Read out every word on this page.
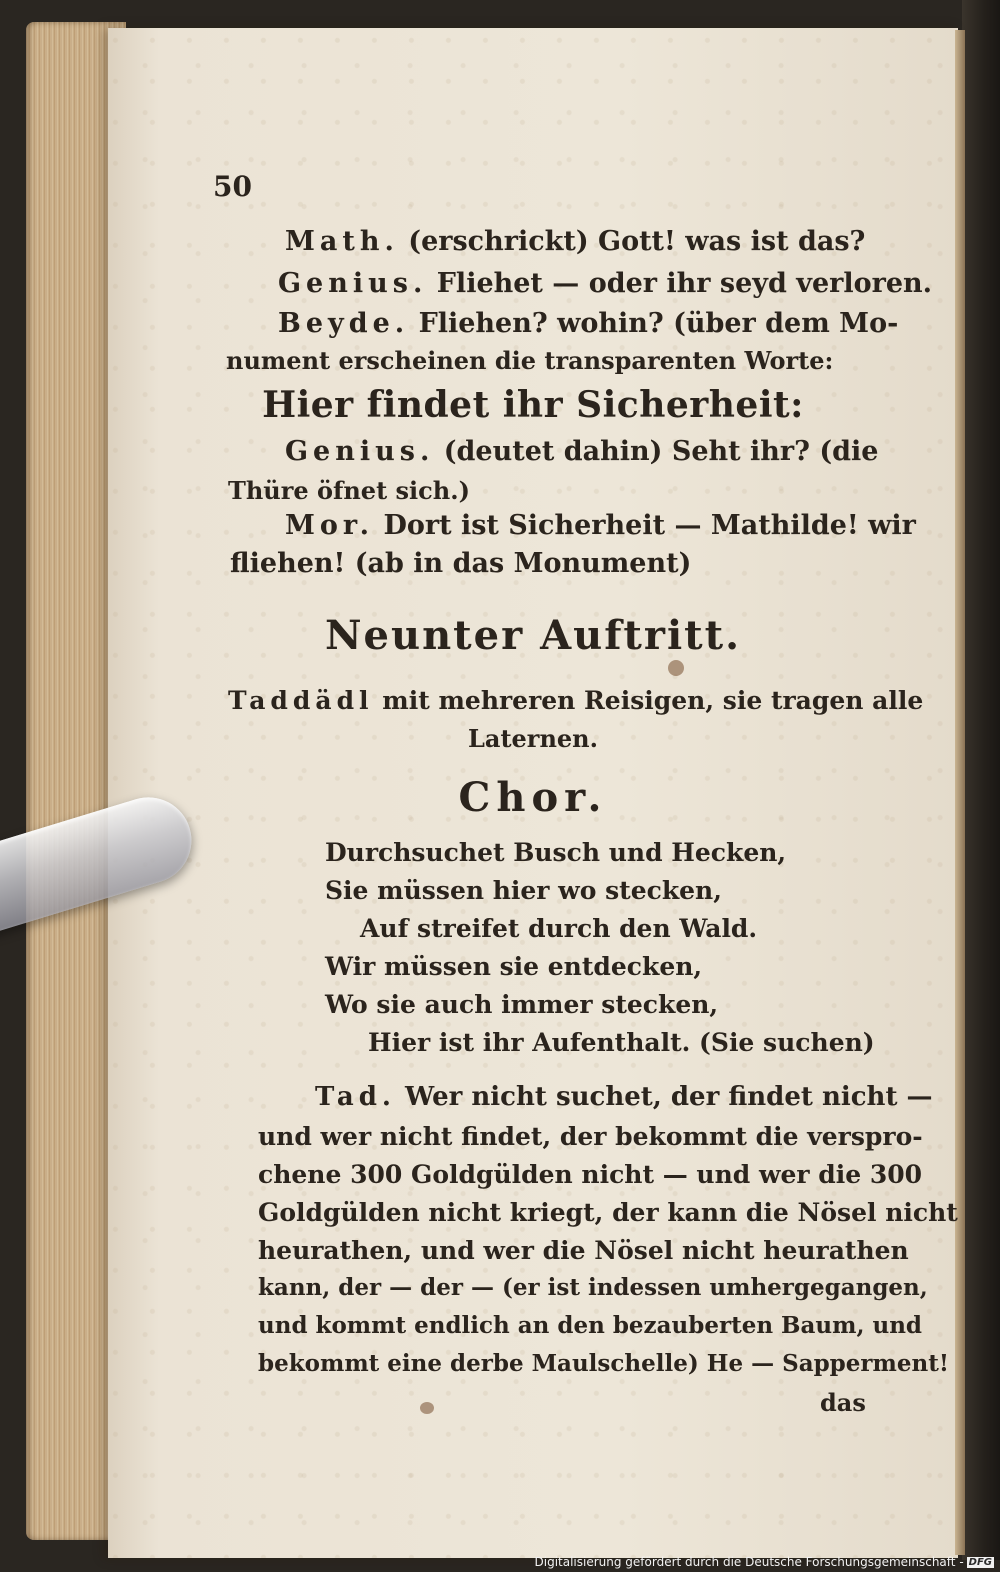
50
Math. (erschrickt) Gott! was ist das?
Genius. Fliehet — oder ihr seyd verloren.
Beyde. Fliehen? wohin? (über dem Mo-
nument erscheinen die transparenten Worte:
Hier findet ihr Sicherheit:
Genius. (deutet dahin) Seht ihr? (die
Thüre öfnet sich.)
Mor. Dort ist Sicherheit — Mathilde! wir
fliehen! (ab in das Monument)
Neunter Auftritt.
Taddädl mit mehreren Reisigen, sie tragen alle
Laternen.
Chor.
Durchsuchet Busch und Hecken,
Sie müssen hier wo stecken,
Auf streifet durch den Wald.
Wir müssen sie entdecken,
Wo sie auch immer stecken,
Hier ist ihr Aufenthalt. (Sie suchen)
Tad. Wer nicht suchet, der findet nicht —
und wer nicht findet, der bekommt die verspro-
chene 300 Goldgülden nicht — und wer die 300
Goldgülden nicht kriegt, der kann die Nösel nicht
heurathen, und wer die Nösel nicht heurathen
kann, der — der — (er ist indessen umhergegangen,
und kommt endlich an den bezauberten Baum, und
bekommt eine derbe Maulschelle) He — Sapperment!
das
Digitalisierung gefördert durch die Deutsche Forschungsgemeinschaft - DFG
